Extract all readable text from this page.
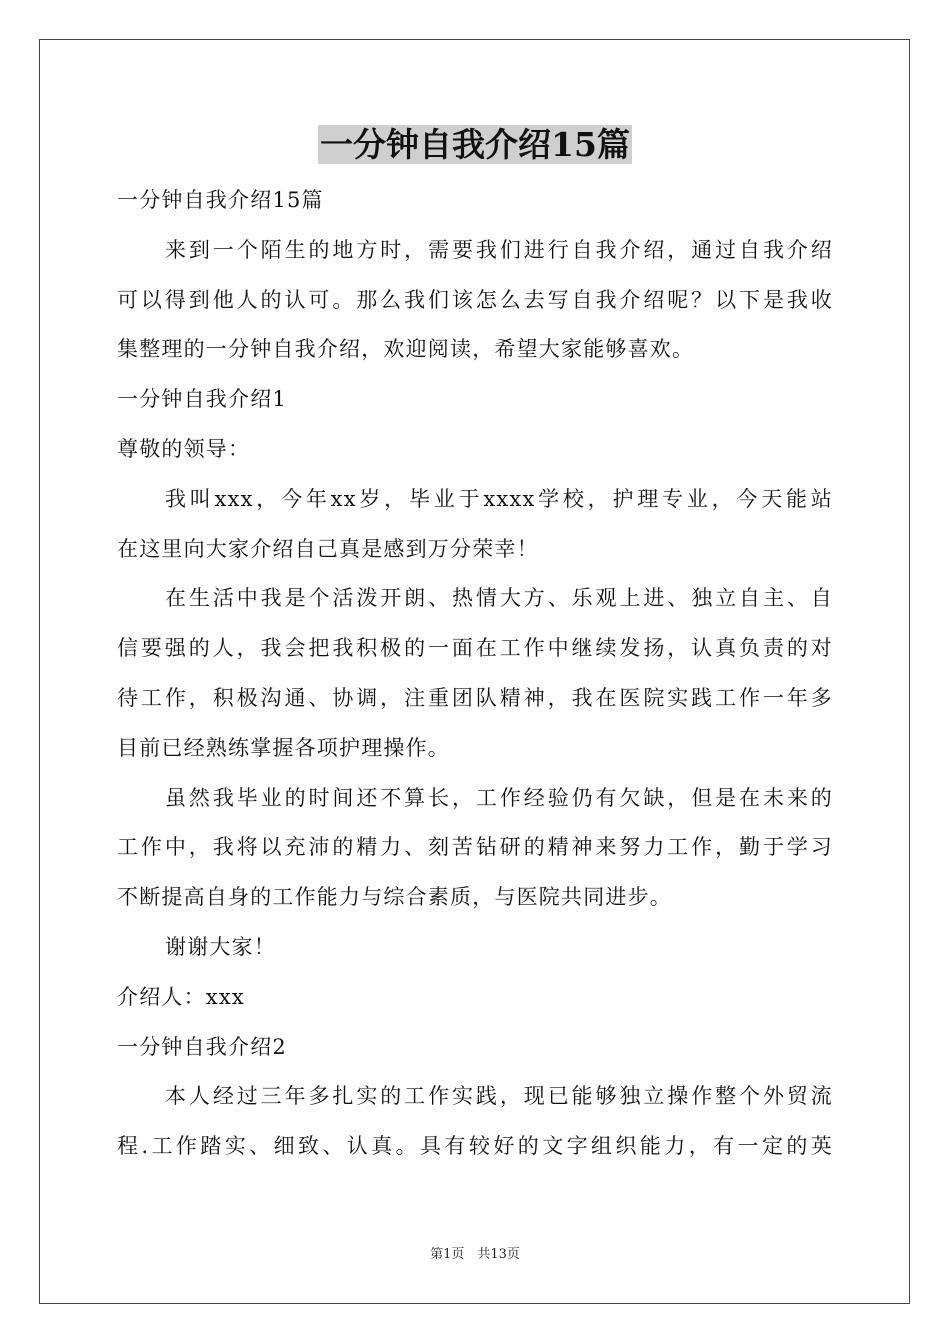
一分钟自我介绍15篇
一分钟自我介绍15篇
来到一个陌生的地方时，需要我们进行自我介绍，通过自我介绍
可以得到他人的认可。那么我们该怎么去写自我介绍呢？以下是我收
集整理的一分钟自我介绍，欢迎阅读，希望大家能够喜欢。
一分钟自我介绍1
尊敬的领导：
我叫xxx，今年xx岁，毕业于xxxx学校，护理专业，今天能站
在这里向大家介绍自己真是感到万分荣幸！
在生活中我是个活泼开朗、热情大方、乐观上进、独立自主、自
信要强的人，我会把我积极的一面在工作中继续发扬，认真负责的对
待工作，积极沟通、协调，注重团队精神，我在医院实践工作一年多
目前已经熟练掌握各项护理操作。
虽然我毕业的时间还不算长，工作经验仍有欠缺，但是在未来的
工作中，我将以充沛的精力、刻苦钻研的精神来努力工作，勤于学习
不断提高自身的工作能力与综合素质，与医院共同进步。
谢谢大家！
介绍人：xxx
一分钟自我介绍2
本人经过三年多扎实的工作实践，现已能够独立操作整个外贸流
程.工作踏实、细致、认真。具有较好的文字组织能力，有一定的英
第1页　共13页
